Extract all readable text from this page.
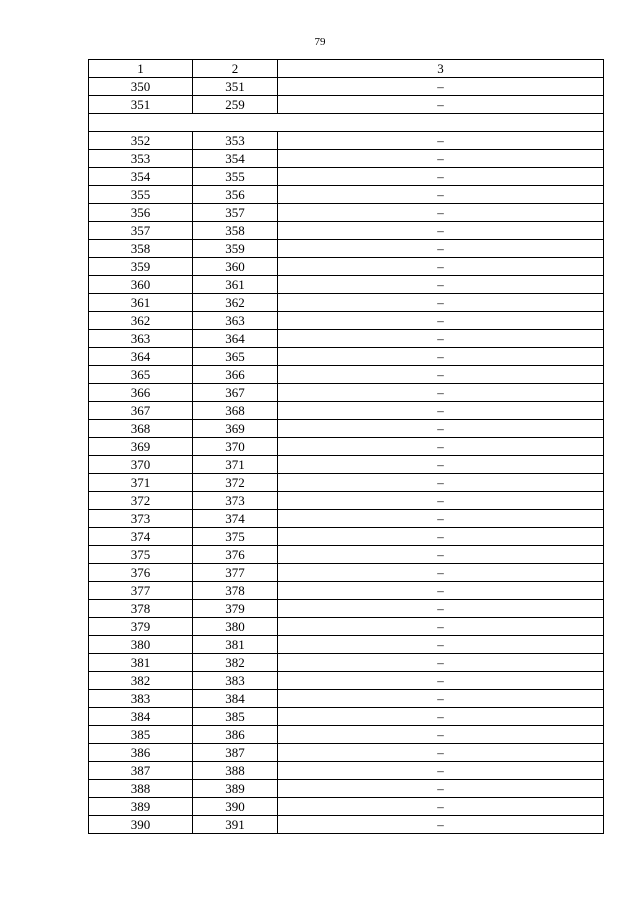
79
1	2	3
350	351	–
351	259	–

352	353	–
353	354	–
354	355	–
355	356	–
356	357	–
357	358	–
358	359	–
359	360	–
360	361	–
361	362	–
362	363	–
363	364	–
364	365	–
365	366	–
366	367	–
367	368	–
368	369	–
369	370	–
370	371	–
371	372	–
372	373	–
373	374	–
374	375	–
375	376	–
376	377	–
377	378	–
378	379	–
379	380	–
380	381	–
381	382	–
382	383	–
383	384	–
384	385	–
385	386	–
386	387	–
387	388	–
388	389	–
389	390	–
390	391	–
